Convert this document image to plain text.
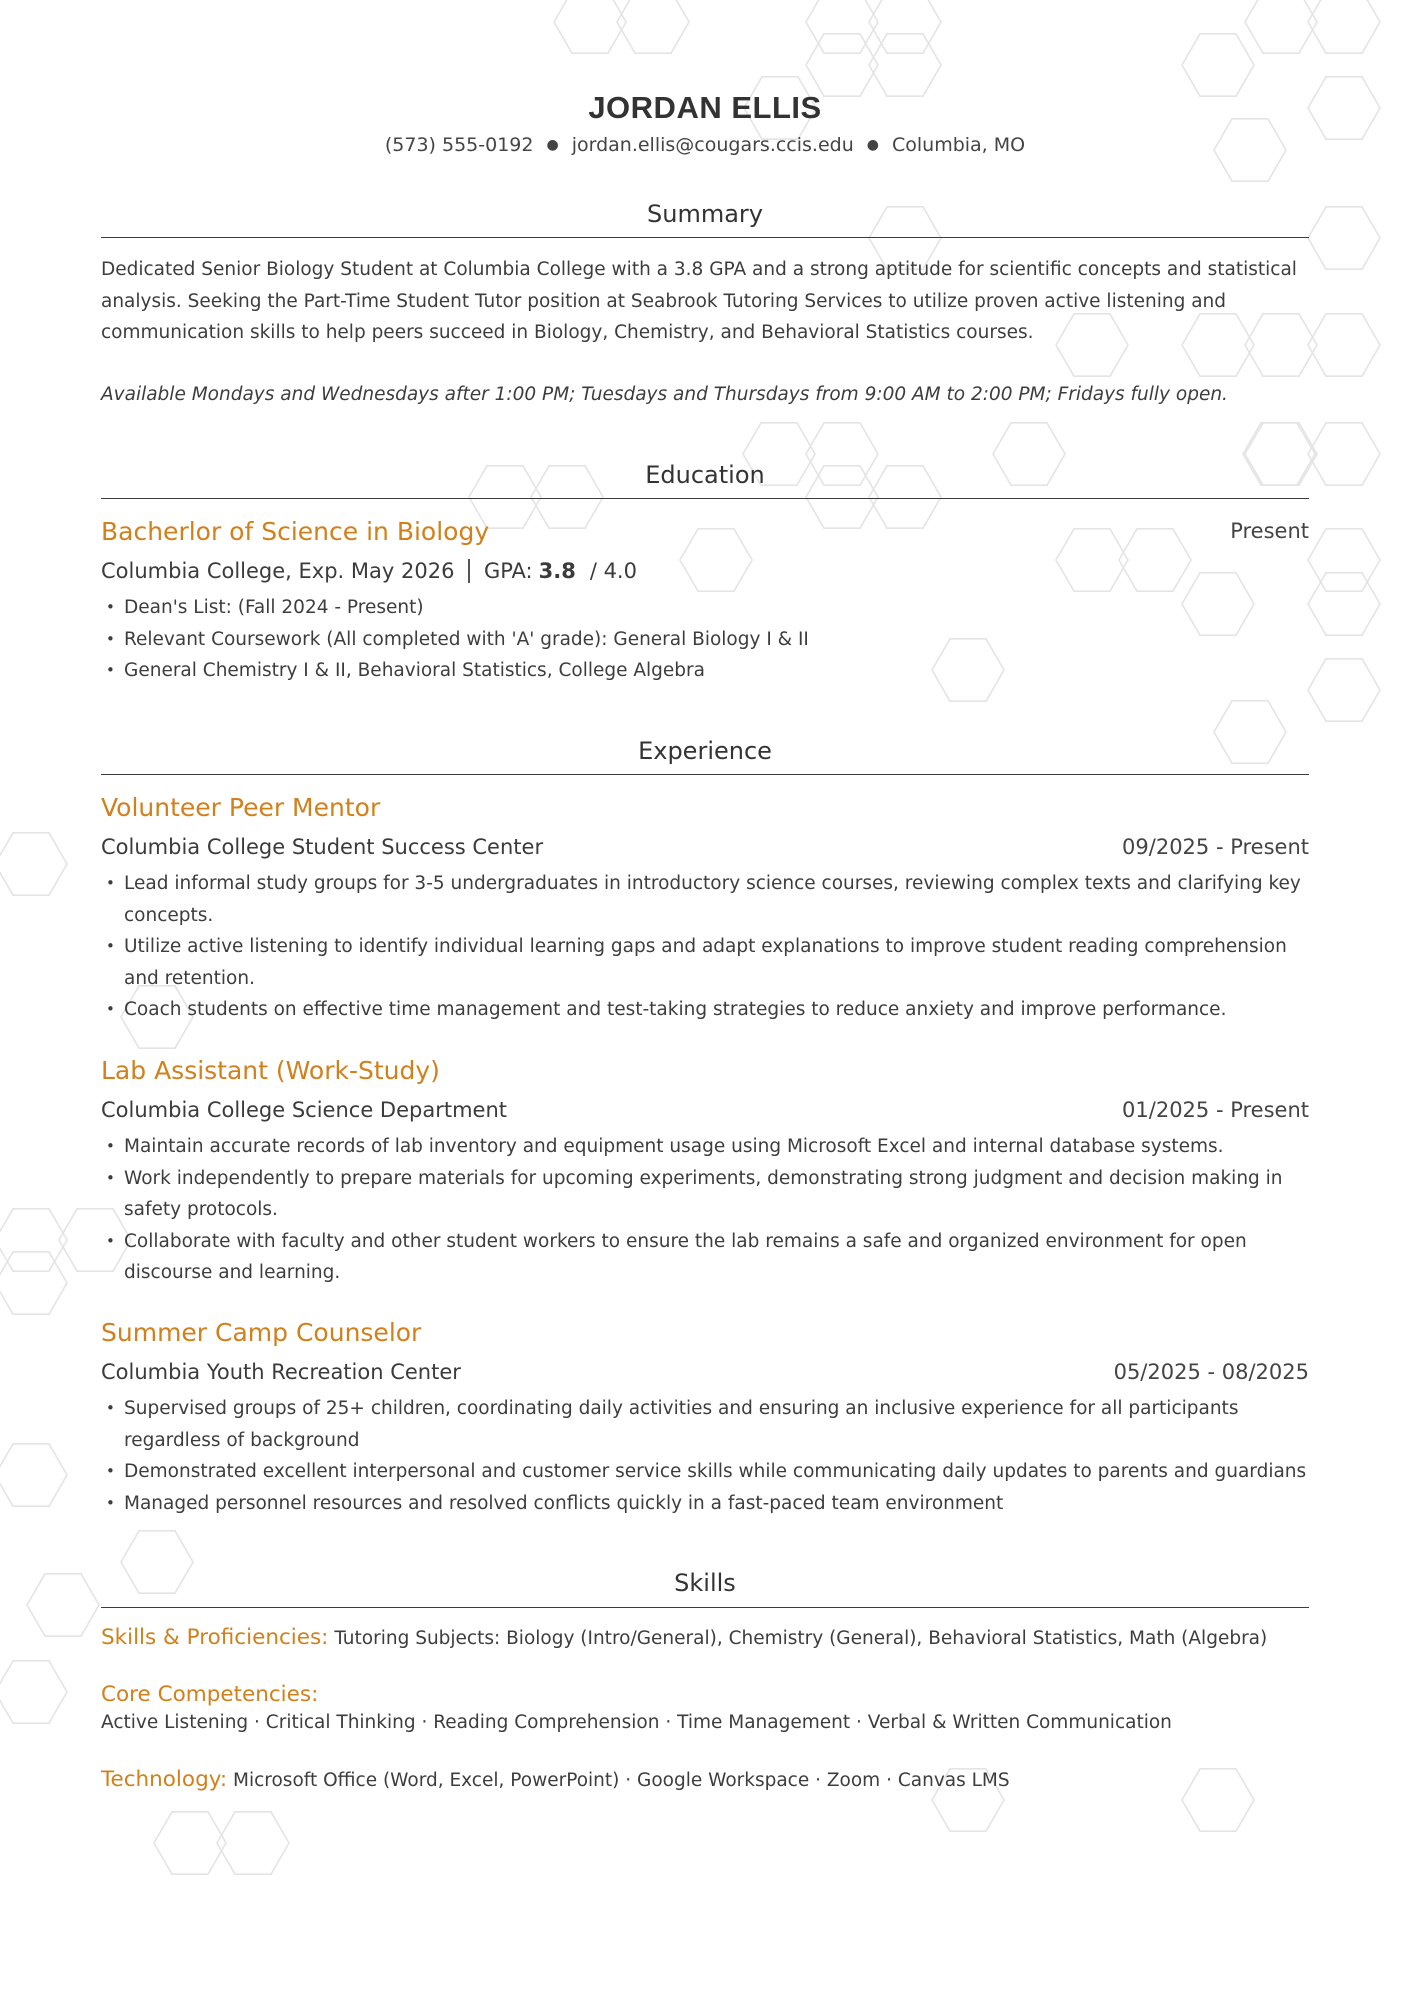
JORDAN ELLIS
(573) 555-0192 ● jordan.ellis@cougars.ccis.edu ● Columbia, MO
Summary
Dedicated Senior Biology Student at Columbia College with a 3.8 GPA and a strong aptitude for scientific concepts and statistical analysis. Seeking the Part-Time Student Tutor position at Seabrook Tutoring Services to utilize proven active listening and communication skills to help peers succeed in Biology, Chemistry, and Behavioral Statistics courses.
Available Mondays and Wednesdays after 1:00 PM; Tuesdays and Thursdays from 9:00 AM to 2:00 PM; Fridays fully open.
Education
Bacherlor of Science in Biology	Present
Columbia College, Exp. May 2026 GPA: 3.8 / 4.0
• Dean's List: (Fall 2024 - Present)
• Relevant Coursework (All completed with 'A' grade): General Biology I & II
• General Chemistry I & II, Behavioral Statistics, College Algebra
Experience
Volunteer Peer Mentor
Columbia College Student Success Center	09/2025 - Present
• Lead informal study groups for 3-5 undergraduates in introductory science courses, reviewing complex texts and clarifying key concepts.
• Utilize active listening to identify individual learning gaps and adapt explanations to improve student reading comprehension and retention.
• Coach students on effective time management and test-taking strategies to reduce anxiety and improve performance.
Lab Assistant (Work-Study)
Columbia College Science Department	01/2025 - Present
• Maintain accurate records of lab inventory and equipment usage using Microsoft Excel and internal database systems.
• Work independently to prepare materials for upcoming experiments, demonstrating strong judgment and decision making in safety protocols.
• Collaborate with faculty and other student workers to ensure the lab remains a safe and organized environment for open discourse and learning.
Summer Camp Counselor
Columbia Youth Recreation Center	05/2025 - 08/2025
• Supervised groups of 25+ children, coordinating daily activities and ensuring an inclusive experience for all participants regardless of background
• Demonstrated excellent interpersonal and customer service skills while communicating daily updates to parents and guardians
• Managed personnel resources and resolved conflicts quickly in a fast-paced team environment
Skills
Skills & Proficiencies: Tutoring Subjects: Biology (Intro/General), Chemistry (General), Behavioral Statistics, Math (Algebra)
Core Competencies:
Active Listening · Critical Thinking · Reading Comprehension · Time Management · Verbal & Written Communication
Technology: Microsoft Office (Word, Excel, PowerPoint) · Google Workspace · Zoom · Canvas LMS
